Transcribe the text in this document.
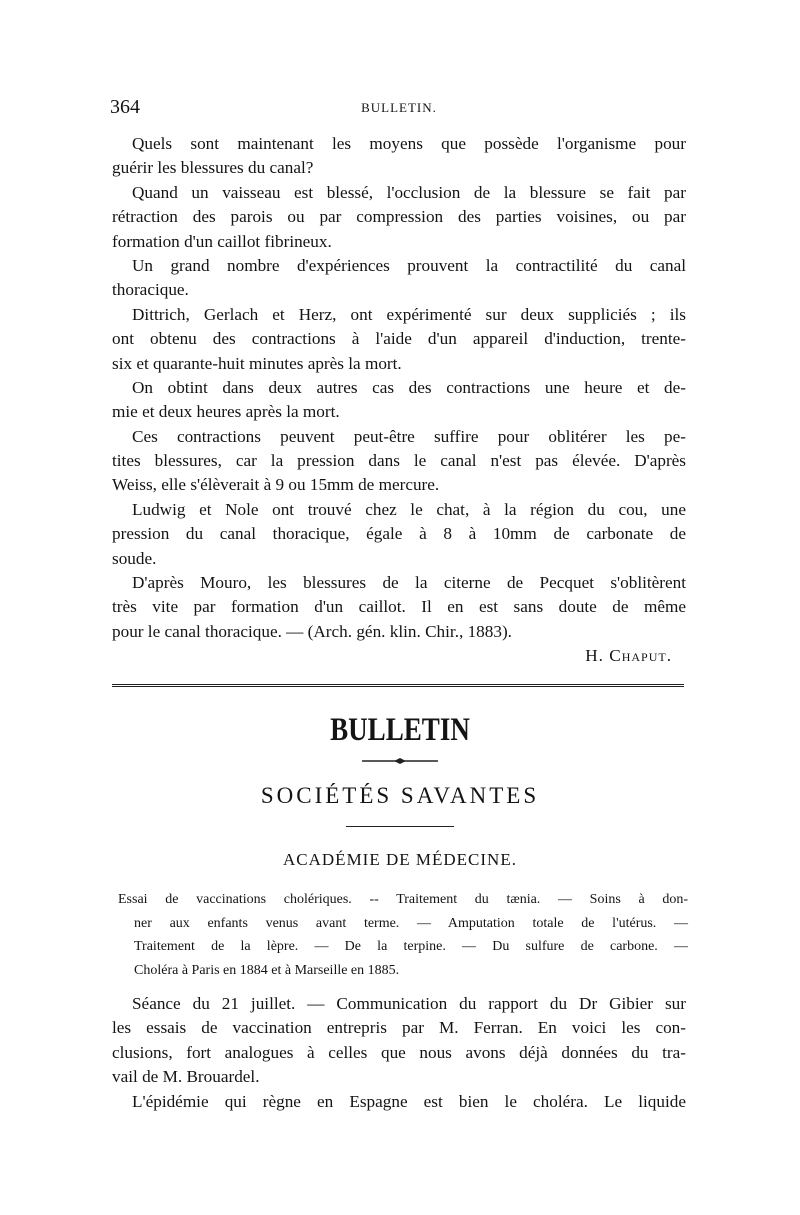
364	BULLETIN.
Quels sont maintenant les moyens que possède l'organisme pour
guérir les blessures du canal?
Quand un vaisseau est blessé, l'occlusion de la blessure se fait par
rétraction des parois ou par compression des parties voisines, ou par
formation d'un caillot fibrineux.
Un grand nombre d'expériences prouvent la contractilité du canal
thoracique.
Dittrich, Gerlach et Herz, ont expérimenté sur deux suppliciés ; ils
ont obtenu des contractions à l'aide d'un appareil d'induction, trente-
six et quarante-huit minutes après la mort.
On obtint dans deux autres cas des contractions une heure et de-
mie et deux heures après la mort.
Ces contractions peuvent peut-être suffire pour oblitérer les pe-
tites blessures, car la pression dans le canal n'est pas élevée. D'après
Weiss, elle s'élèverait à 9 ou 15mm de mercure.
Ludwig et Nole ont trouvé chez le chat, à la région du cou, une
pression du canal thoracique, égale à 8 à 10mm de carbonate de
soude.
D'après Mouro, les blessures de la citerne de Pecquet s'oblitèrent
très vite par formation d'un caillot. Il en est sans doute de même
pour le canal thoracique. — (Arch. gén. klin. Chir., 1883).
H. Chaput.
BULLETIN
SOCIÉTÉS SAVANTES
ACADÉMIE DE MÉDECINE.
Essai de vaccinations cholériques. -- Traitement du tænia. — Soins à don-
ner aux enfants venus avant terme. — Amputation totale de l'utérus. —
Traitement de la lèpre. — De la terpine. — Du sulfure de carbone. —
Choléra à Paris en 1884 et à Marseille en 1885.
Séance du 21 juillet. — Communication du rapport du Dr Gibier sur
les essais de vaccination entrepris par M. Ferran. En voici les con-
clusions, fort analogues à celles que nous avons déjà données du tra-
vail de M. Brouardel.
L'épidémie qui règne en Espagne est bien le choléra. Le liquide
